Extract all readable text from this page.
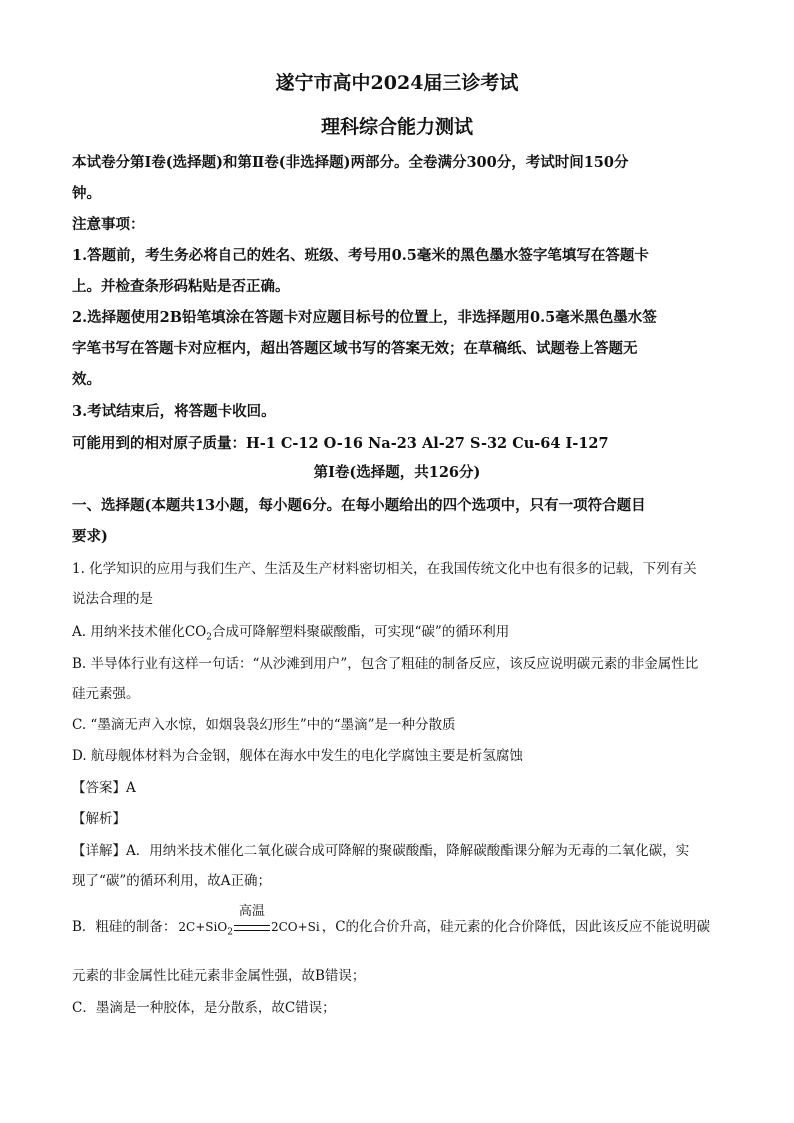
遂宁市高中2024届三诊考试
理科综合能力测试

本试卷分第Ⅰ卷(选择题)和第Ⅱ卷(非选择题)两部分。全卷满分300分，考试时间150分

钟。

注意事项：

1.答题前，考生务必将自己的姓名、班级、考号用0.5毫米的黑色墨水签字笔填写在答题卡

上。并检查条形码粘贴是否正确。

2.选择题使用2B铅笔填涂在答题卡对应题目标号的位置上，非选择题用0.5毫米黑色墨水签

字笔书写在答题卡对应框内，超出答题区域书写的答案无效；在草稿纸、试题卷上答题无

效。

3.考试结束后，将答题卡收回。

可能用到的相对原子质量：H-1 C-12 O-16 Na-23 Al-27 S-32 Cu-64 I-127

第Ⅰ卷(选择题，共126分)

一、选择题(本题共13小题，每小题6分。在每小题给出的四个选项中，只有一项符合题目

要求)

1. 化学知识的应用与我们生产、生活及生产材料密切相关，在我国传统文化中也有很多的记载，下列有关

说法合理的是

A. 用纳米技术催化$CO_2$合成可降解塑料聚碳酸酯，可实现“碳”的循环利用

B. 半导体行业有这样一句话：“从沙滩到用户”，包含了粗硅的制备反应，该反应说明碳元素的非金属性比

硅元素强。

C. “墨滴无声入水惊，如烟袅袅幻形生”中的“墨滴”是一种分散质

D. 航母舰体材料为合金钢，舰体在海水中发生的电化学腐蚀主要是析氢腐蚀

【答案】A

【解析】

【详解】A．用纳米技术催化二氧化碳合成可降解的聚碳酸酯，降解碳酸酯课分解为无毒的二氧化碳，实

现了“碳”的循环利用，故A正确；

B．粗硅的制备： 2C+SiO$_2$
高温
2CO+Si ，C的化合价升高，硅元素的化合价降低，因此该反应不能说明碳

元素的非金属性比硅元素非金属性强，故B错误；

C．墨滴是一种胶体，是分散系，故C错误；
